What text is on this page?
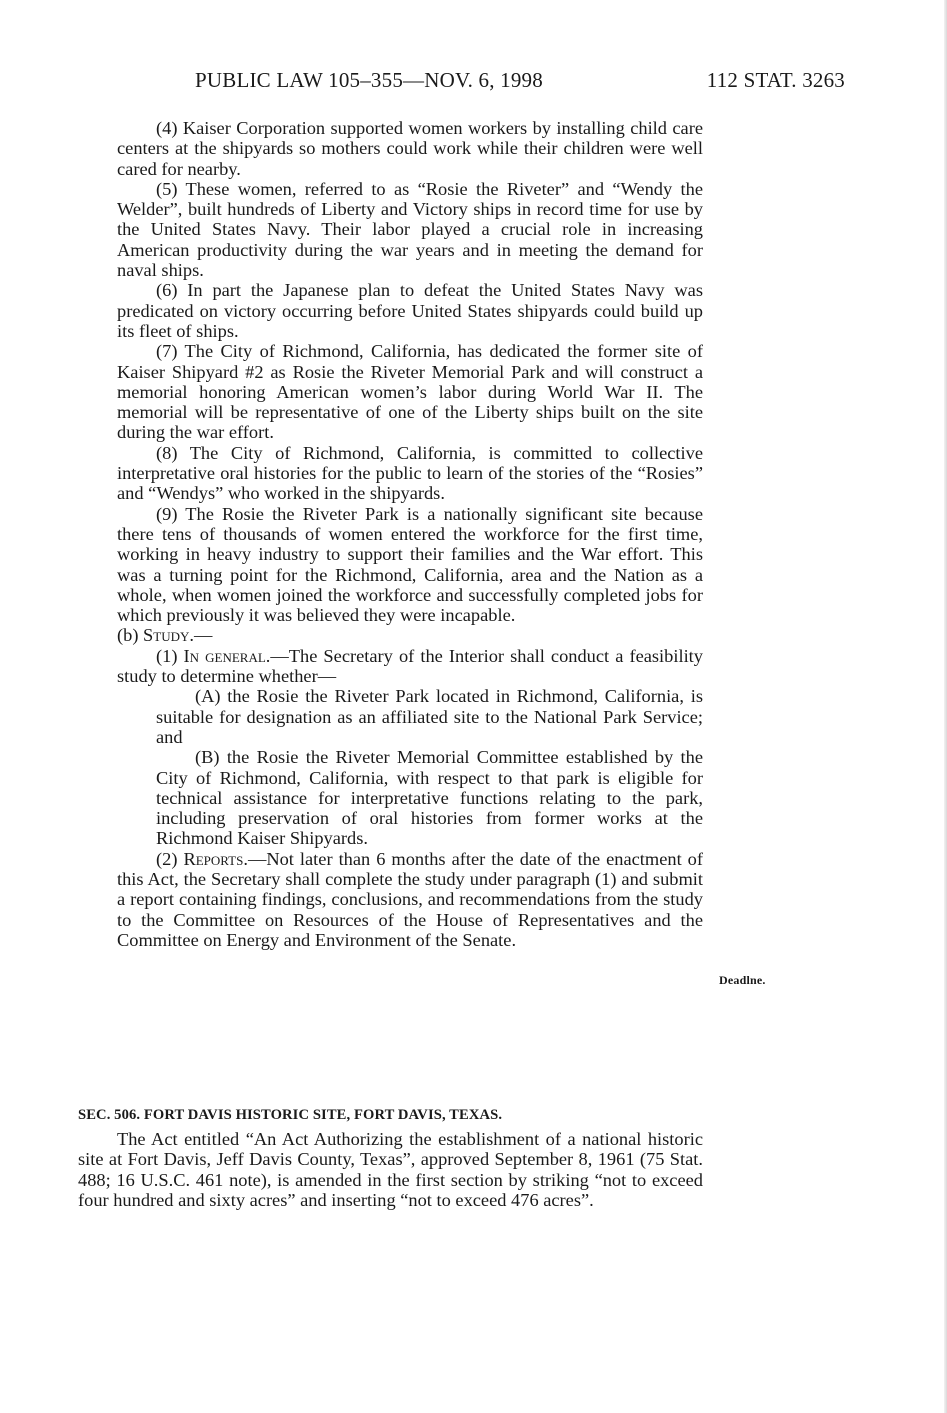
PUBLIC LAW 105–355—NOV. 6, 1998	112 STAT. 3263

(4) Kaiser Corporation supported women workers by installing child care centers at the shipyards so mothers could work while their children were well cared for nearby.

(5) These women, referred to as “Rosie the Riveter” and “Wendy the Welder”, built hundreds of Liberty and Victory ships in record time for use by the United States Navy. Their labor played a crucial role in increasing American productivity during the war years and in meeting the demand for naval ships.

(6) In part the Japanese plan to defeat the United States Navy was predicated on victory occurring before United States shipyards could build up its fleet of ships.

(7) The City of Richmond, California, has dedicated the former site of Kaiser Shipyard #2 as Rosie the Riveter Memorial Park and will construct a memorial honoring American women’s labor during World War II. The memorial will be representative of one of the Liberty ships built on the site during the war effort.

(8) The City of Richmond, California, is committed to collective interpretative oral histories for the public to learn of the stories of the “Rosies” and “Wendys” who worked in the shipyards.

(9) The Rosie the Riveter Park is a nationally significant site because there tens of thousands of women entered the workforce for the first time, working in heavy industry to support their families and the War effort. This was a turning point for the Richmond, California, area and the Nation as a whole, when women joined the workforce and successfully completed jobs for which previously it was believed they were incapable.

(b) Study.—

(1) In general.—The Secretary of the Interior shall conduct a feasibility study to determine whether—

(A) the Rosie the Riveter Park located in Richmond, California, is suitable for designation as an affiliated site to the National Park Service; and

(B) the Rosie the Riveter Memorial Committee established by the City of Richmond, California, with respect to that park is eligible for technical assistance for interpretative functions relating to the park, including preservation of oral histories from former works at the Richmond Kaiser Shipyards.

(2) Reports.—Not later than 6 months after the date of the enactment of this Act, the Secretary shall complete the study under paragraph (1) and submit a report containing findings, conclusions, and recommendations from the study to the Committee on Resources of the House of Representatives and the Committee on Energy and Environment of the Senate.

Deadlne.
SEC. 506. FORT DAVIS HISTORIC SITE, FORT DAVIS, TEXAS.

The Act entitled “An Act Authorizing the establishment of a national historic site at Fort Davis, Jeff Davis County, Texas”, approved September 8, 1961 (75 Stat. 488; 16 U.S.C. 461 note), is amended in the first section by striking “not to exceed four hundred and sixty acres” and inserting “not to exceed 476 acres”.
